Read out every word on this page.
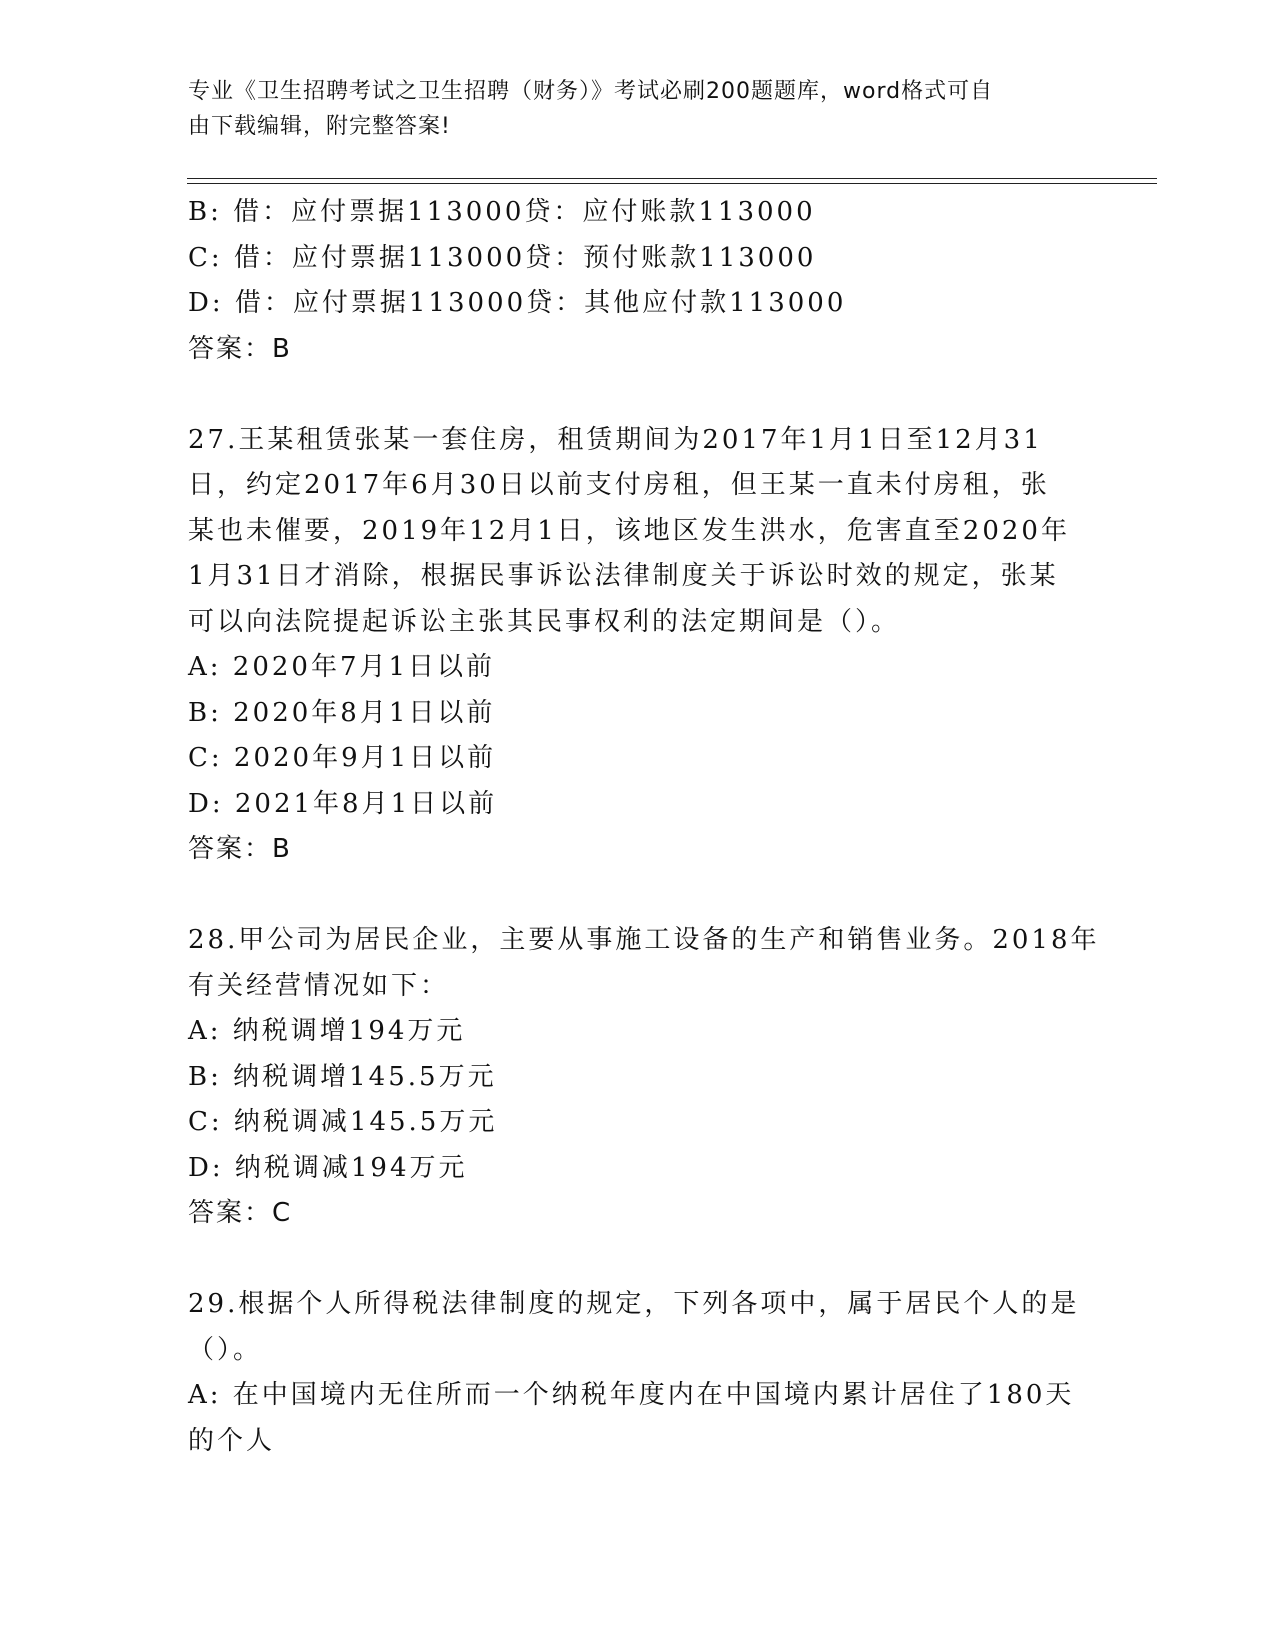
专业《卫生招聘考试之卫生招聘（财务）》考试必刷200题题库，word格式可自
由下载编辑，附完整答案!
B: 借：应付票据113000贷：应付账款113000
C: 借：应付票据113000贷：预付账款113000
D: 借：应付票据113000贷：其他应付款113000
答案：B
27.王某租赁张某一套住房，租赁期间为2017年1月1日至12月31
日，约定2017年6月30日以前支付房租，但王某一直未付房租，张
某也未催要，2019年12月1日，该地区发生洪水，危害直至2020年
1月31日才消除，根据民事诉讼法律制度关于诉讼时效的规定，张某
可以向法院提起诉讼主张其民事权利的法定期间是（）。
A: 2020年7月1日以前
B: 2020年8月1日以前
C: 2020年9月1日以前
D: 2021年8月1日以前
答案：B
28.甲公司为居民企业，主要从事施工设备的生产和销售业务。2018年
有关经营情况如下：
A: 纳税调增194万元
B: 纳税调增145.5万元
C: 纳税调减145.5万元
D: 纳税调减194万元
答案：C
29.根据个人所得税法律制度的规定，下列各项中，属于居民个人的是
（）。
A: 在中国境内无住所而一个纳税年度内在中国境内累计居住了180天
的个人
